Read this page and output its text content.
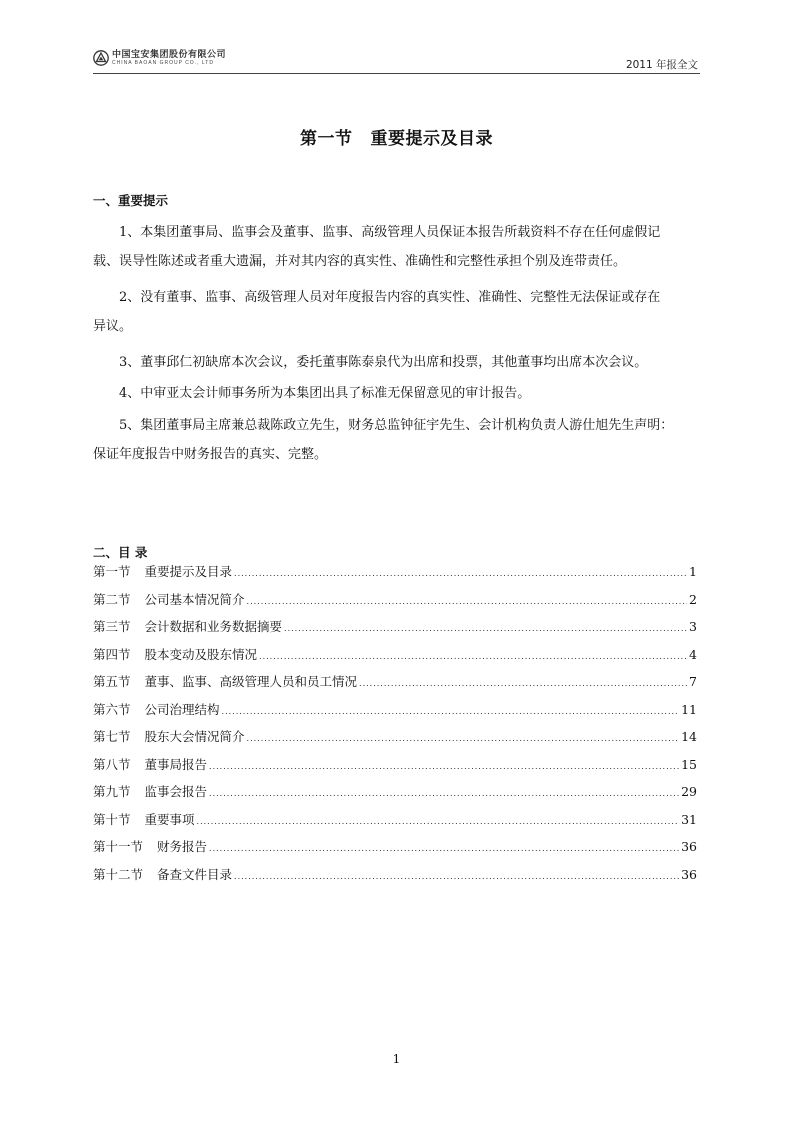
中国宝安集团股份有限公司
CHINA BAOAN GROUP CO., LTD	2011 年报全文
第一节 重要提示及目录
一、重要提示
1、本集团董事局、监事会及董事、监事、高级管理人员保证本报告所载资料不存在任何虚假记
载、误导性陈述或者重大遗漏，并对其内容的真实性、准确性和完整性承担个别及连带责任。
2、没有董事、监事、高级管理人员对年度报告内容的真实性、准确性、完整性无法保证或存在
异议。
3、董事邱仁初缺席本次会议，委托董事陈泰泉代为出席和投票，其他董事均出席本次会议。
4、中审亚太会计师事务所为本集团出具了标准无保留意见的审计报告。
5、集团董事局主席兼总裁陈政立先生，财务总监钟征宇先生、会计机构负责人游仕旭先生声明：
保证年度报告中财务报告的真实、完整。
二、目 录
第一节 重要提示及目录 .....	1
第二节 公司基本情况简介 .....	2
第三节 会计数据和业务数据摘要 .....	3
第四节 股本变动及股东情况 .....	4
第五节 董事、监事、高级管理人员和员工情况 .....	7
第六节 公司治理结构 .....	11
第七节 股东大会情况简介 .....	14
第八节 董事局报告 .....	15
第九节 监事会报告 .....	29
第十节 重要事项 .....	31
第十一节 财务报告 .....	36
第十二节 备查文件目录 .....	36
1
